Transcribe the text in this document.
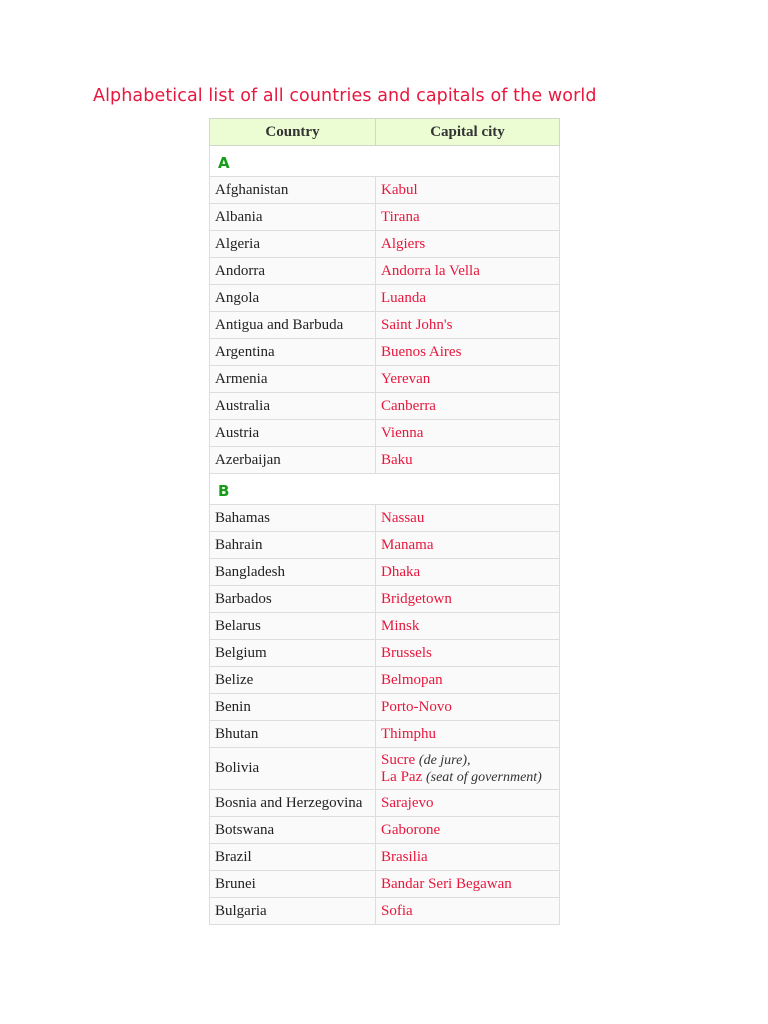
Alphabetical list of all countries and capitals of the world
Country	Capital city
A	
Afghanistan	Kabul
Albania	Tirana
Algeria	Algiers
Andorra	Andorra la Vella
Angola	Luanda
Antigua and Barbuda	Saint John's
Argentina	Buenos Aires
Armenia	Yerevan
Australia	Canberra
Austria	Vienna
Azerbaijan	Baku
B	
Bahamas	Nassau
Bahrain	Manama
Bangladesh	Dhaka
Barbados	Bridgetown
Belarus	Minsk
Belgium	Brussels
Belize	Belmopan
Benin	Porto-Novo
Bhutan	Thimphu
Bolivia	Sucre (de jure),
La Paz (seat of government)
Bosnia and Herzegovina	Sarajevo
Botswana	Gaborone
Brazil	Brasilia
Brunei	Bandar Seri Begawan
Bulgaria	Sofia
